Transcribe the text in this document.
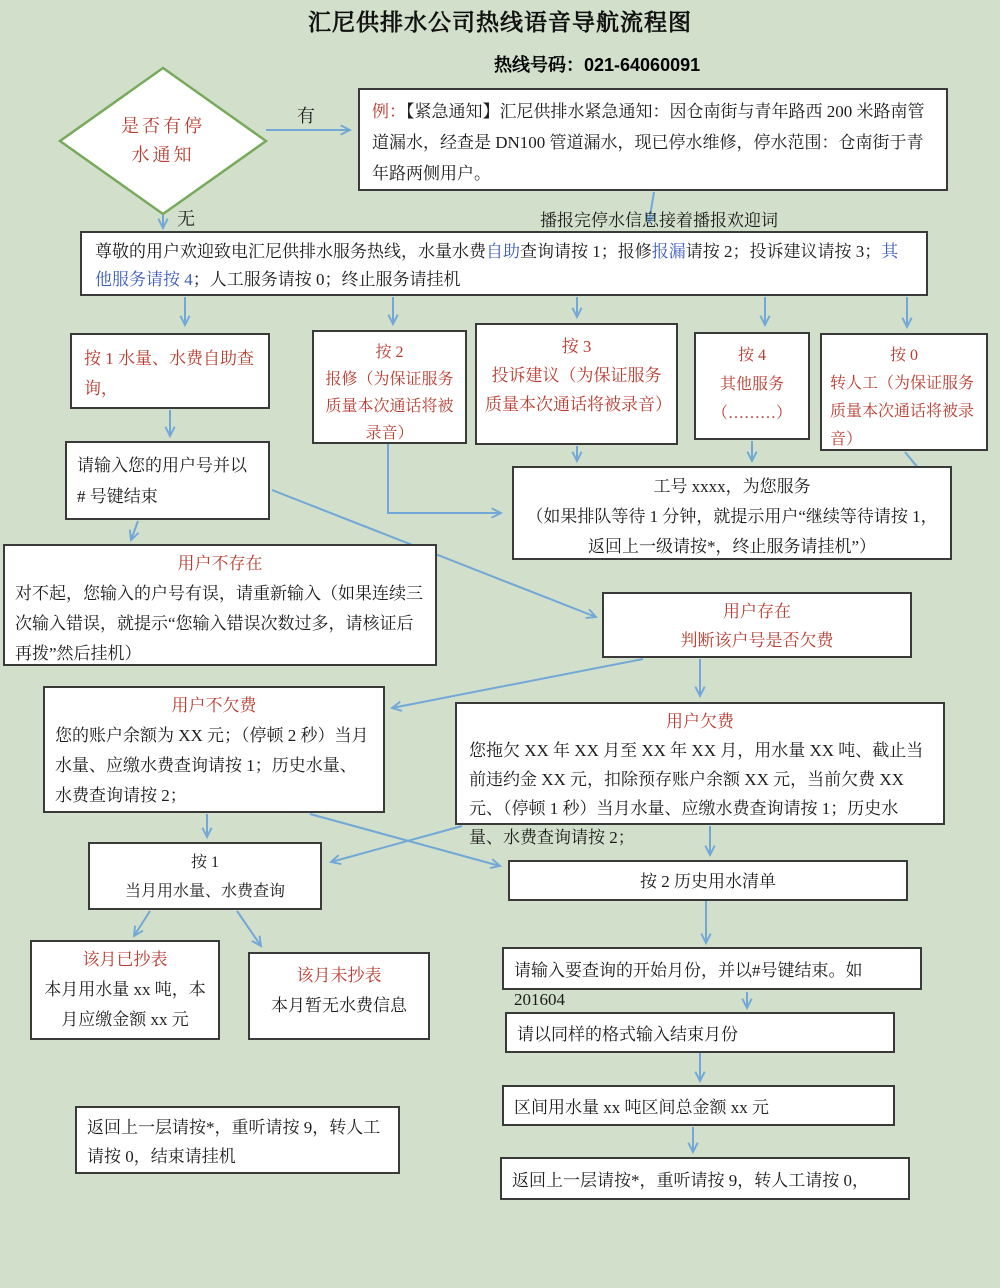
汇尼供排水公司热线语音导航流程图
热线号码：021-64060091
是否有停
水通知
有
无	播报完停水信息接着播报欢迎词
例：【紧急通知】汇尼供排水紧急通知：因仓南街与青年路西 200 米路南管道漏水，经查是 DN100 管道漏水，现已停水维修，停水范围：仓南街于青年路两侧用户。
尊敬的用户欢迎致电汇尼供排水服务热线，水量水费自助查询请按 1；报修报漏请按 2；投诉建议请按 3；其他服务请按 4；人工服务请按 0；终止服务请挂机
按 1 水量、水费自助查询，
按 2
报修（为保证服务质量本次通话将被录音）
按 3
投诉建议（为保证服务质量本次通话将被录音）
按 4
其他服务
（………）
按 0
转人工（为保证服务质量本次通话将被录音）
请输入您的用户号并以 # 号键结束
工号 xxxx，为您服务
（如果排队等待 1 分钟，就提示用户“继续等待请按 1，返回上一级请按*，终止服务请挂机”）
用户不存在
对不起，您输入的户号有误，请重新输入（如果连续三次输入错误，就提示“您输入错误次数过多，请核证后再拨”然后挂机）
用户存在
判断该户号是否欠费
用户不欠费
您的账户余额为 XX 元；（停顿 2 秒）当月水量、应缴水费查询请按 1；历史水量、水费查询请按 2；
用户欠费
您拖欠 XX 年 XX 月至 XX 年 XX 月，用水量 XX 吨、截止当前违约金 XX 元，扣除预存账户余额 XX 元，当前欠费 XX 元、（停顿 1 秒）当月水量、应缴水费查询请按 1；历史水量、水费查询请按 2；
按 1
当月用水量、水费查询
按 2 历史用水清单
该月已抄表
本月用水量 xx 吨，本月应缴金额 xx 元
该月未抄表
本月暂无水费信息
请输入要查询的开始月份，并以#号键结束。如 201604
请以同样的格式输入结束月份
区间用水量 xx 吨区间总金额 xx 元
返回上一层请按*，重听请按 9，转人工请按 0，结束请挂机
返回上一层请按*，重听请按 9，转人工请按 0，
